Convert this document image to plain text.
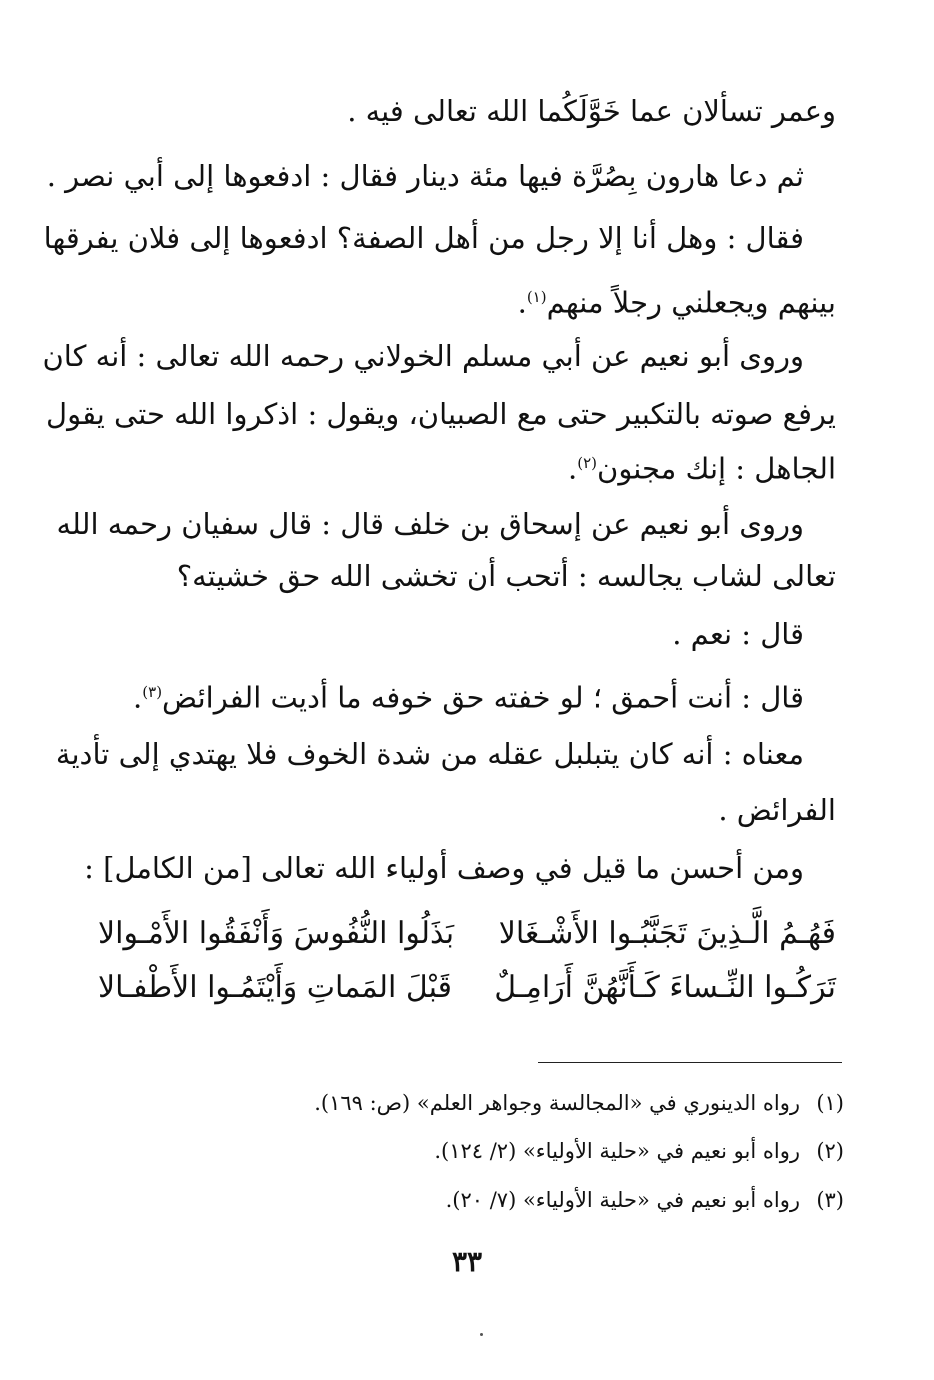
وعمر تسألان عما خَوَّلَكُما الله تعالى فيه .
ثم دعا هارون بِصُرَّة فيها مئة دينار فقال : ادفعوها إلى أبي نصر .
فقال : وهل أنا إلا رجل من أهل الصفة؟ ادفعوها إلى فلان يفرقها
بينهم ويجعلني رجلاً منهم$^{(١)}$.
وروى أبو نعيم عن أبي مسلم الخولاني رحمه الله تعالى : أنه كان
يرفع صوته بالتكبير حتى مع الصبيان، ويقول : اذكروا الله حتى يقول
الجاهل : إنك مجنون$^{(٢)}$.
وروى أبو نعيم عن إسحاق بن خلف قال : قال سفيان رحمه الله
تعالى لشاب يجالسه : أتحب أن تخشى الله حق خشيته؟
قال : نعم .
قال : أنت أحمق ؛ لو خفته حق خوفه ما أديت الفرائض$^{(٣)}$.
معناه : أنه كان يتبلبل عقله من شدة الخوف فلا يهتدي إلى تأدية
الفرائض .
ومن أحسن ما قيل في وصف أولياء الله تعالى [من الكامل] :
فَهُـمُ الَّـذِينَ تَجَنَّبُـوا الأَشْـغَالا
بَذَلُوا النُّفُوسَ وَأَنْفَقُوا الأَمْـوالا
تَرَكُـوا النِّـساءَ كَـأَنَّهُنَّ أَرَامِـلٌ
قَبْلَ المَماتِ وَأَيْتَمُـوا الأَطْفـالا
(١)رواه الدينوري في «المجالسة وجواهر العلم» (ص: ١٦٩).
(٢)رواه أبو نعيم في «حلية الأولياء» (٢/ ١٢٤).
(٣)رواه أبو نعيم في «حلية الأولياء» (٧/ ٢٠).
٣٣
